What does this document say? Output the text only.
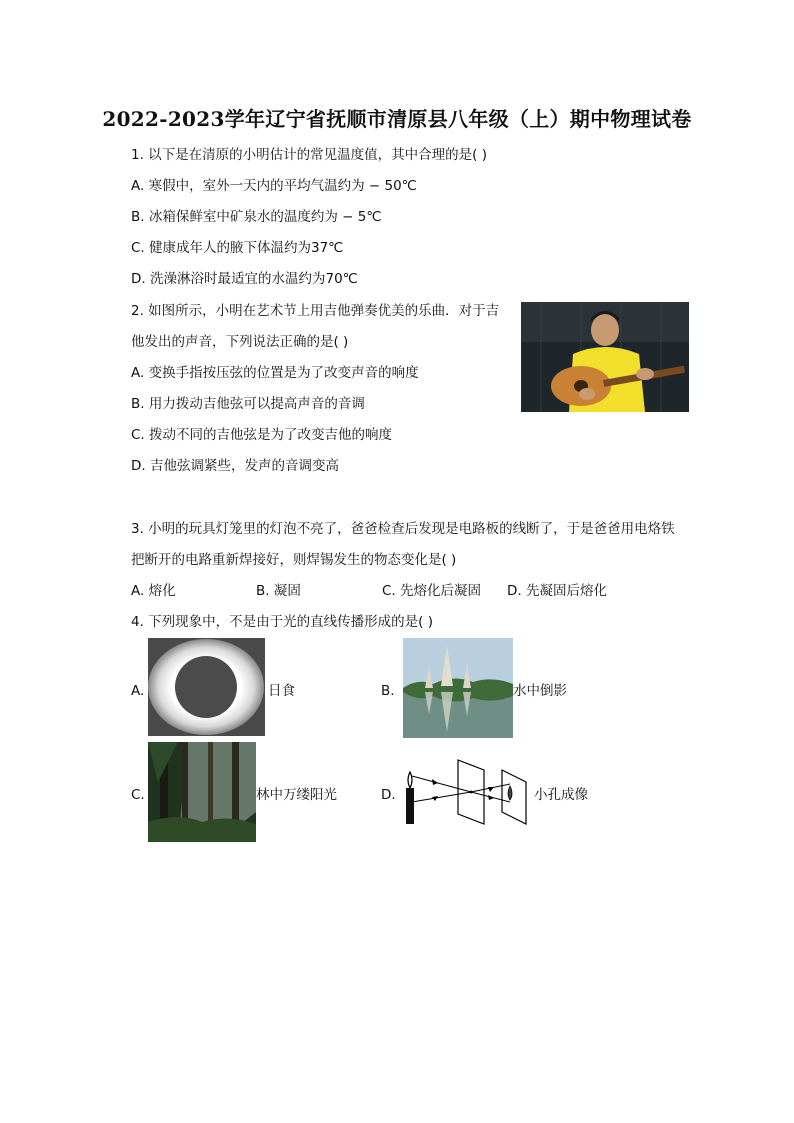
2022-2023学年辽宁省抚顺市清原县八年级（上）期中物理试卷
1. 以下是在清原的小明估计的常见温度值，其中合理的是( )
A. 寒假中，室外一天内的平均气温约为 − 50℃
B. 冰箱保鲜室中矿泉水的温度约为 − 5℃
C. 健康成年人的腋下体温约为37℃
D. 洗澡淋浴时最适宜的水温约为70℃
2. 如图所示，小明在艺术节上用吉他弹奏优美的乐曲．对于吉
他发出的声音，下列说法正确的是( )
A. 变换手指按压弦的位置是为了改变声音的响度
B. 用力拨动吉他弦可以提高声音的音调
C. 拨动不同的吉他弦是为了改变吉他的响度
D. 吉他弦调紧些，发声的音调变高
3. 小明的玩具灯笼里的灯泡不亮了，爸爸检查后发现是电路板的线断了，于是爸爸用电烙铁
把断开的电路重新焊接好，则焊锡发生的物态变化是( )
A. 熔化	B. 凝固	C. 先熔化后凝固 D. 先凝固后熔化
4. 下列现象中，不是由于光的直线传播形成的是( )
A.	日食	B.	水中倒影
C.	林中万缕阳光	D.	小孔成像
